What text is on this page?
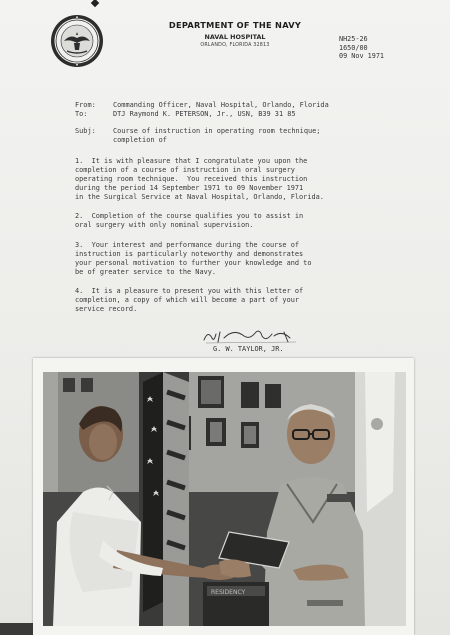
DEPARTMENT OF THE NAVY
NAVAL HOSPITAL
ORLANDO, FLORIDA 32813
NH25-26
1650/00
09 Nov 1971
From:	Commanding Officer, Naval Hospital, Orlando, Florida
To:	DTJ Raymond K. PETERSON, Jr., USN, B39 31 85
Subj:	Course of instruction in operating room technique;
completion of
1.  It is with pleasure that I congratulate you upon the
completion of a course of instruction in oral surgery
operating room technique.  You received this instruction
during the period 14 September 1971 to 09 November 1971
in the Surgical Service at Naval Hospital, Orlando, Florida.
2.  Completion of the course qualifies you to assist in
oral surgery with only nominal supervision.
3.  Your interest and performance during the course of
instruction is particularly noteworthy and demonstrates
your personal motivation to further your knowledge and to
be of greater service to the Navy.
4.  It is a pleasure to present you with this letter of
completion, a copy of which will become a part of your
service record.
G. W. TAYLOR, JR.
RESIDENCY
